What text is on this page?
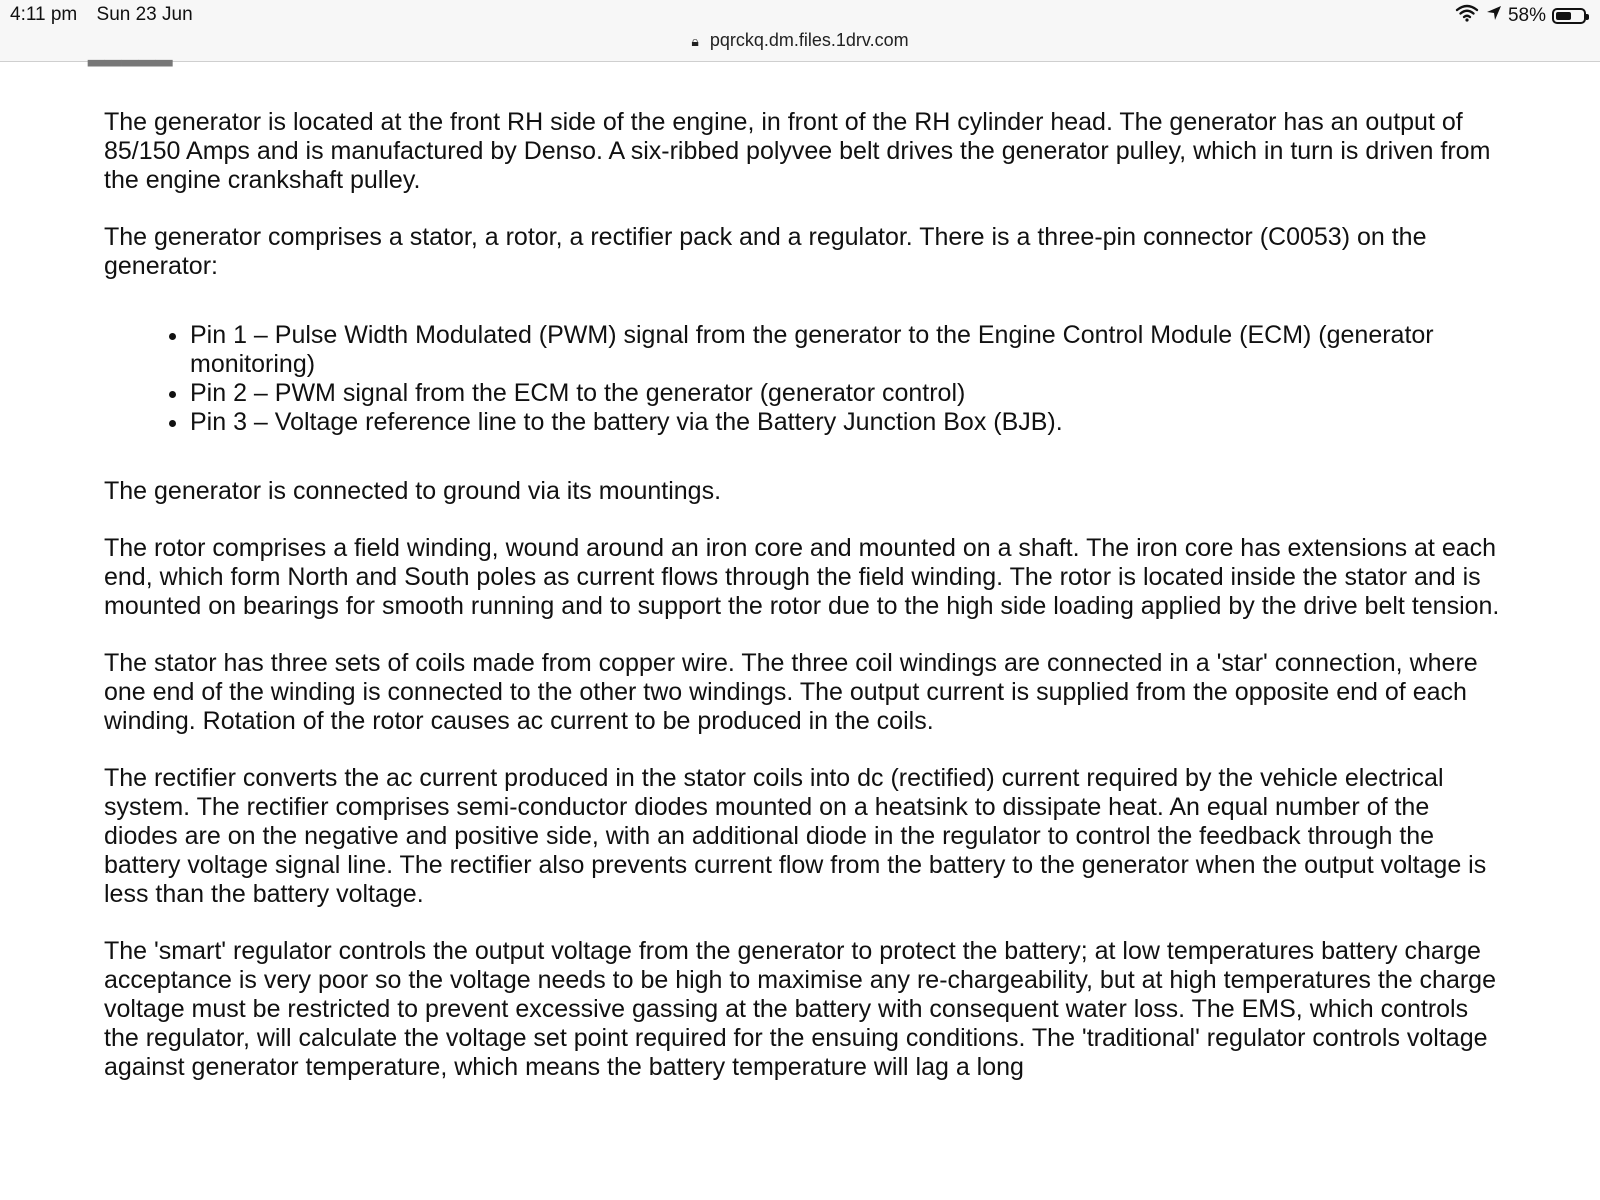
4:11 pm Sun 23 Jun	58%
🔒︎ pqrckq.dm.files.1drv.com
▂▂▂▂▂

The generator is located at the front RH side of the engine, in front of the RH cylinder head. The generator has an output of 85/150 Amps and is manufactured by Denso. A six-ribbed polyvee belt drives the generator pulley, which in turn is driven from the engine crankshaft pulley.

The generator comprises a stator, a rotor, a rectifier pack and a regulator. There is a three-pin connector (C0053) on the generator:

• Pin 1 – Pulse Width Modulated (PWM) signal from the generator to the Engine Control Module (ECM) (generator monitoring)
• Pin 2 – PWM signal from the ECM to the generator (generator control)
• Pin 3 – Voltage reference line to the battery via the Battery Junction Box (BJB).

The generator is connected to ground via its mountings.

The rotor comprises a field winding, wound around an iron core and mounted on a shaft. The iron core has extensions at each end, which form North and South poles as current flows through the field winding. The rotor is located inside the stator and is mounted on bearings for smooth running and to support the rotor due to the high side loading applied by the drive belt tension.

The stator has three sets of coils made from copper wire. The three coil windings are connected in a 'star' connection, where one end of the winding is connected to the other two windings. The output current is supplied from the opposite end of each winding. Rotation of the rotor causes ac current to be produced in the coils.

The rectifier converts the ac current produced in the stator coils into dc (rectified) current required by the vehicle electrical system. The rectifier comprises semi-conductor diodes mounted on a heatsink to dissipate heat. An equal number of the diodes are on the negative and positive side, with an additional diode in the regulator to control the feedback through the battery voltage signal line. The rectifier also prevents current flow from the battery to the generator when the output voltage is less than the battery voltage.

The 'smart' regulator controls the output voltage from the generator to protect the battery; at low temperatures battery charge acceptance is very poor so the voltage needs to be high to maximise any re-chargeability, but at high temperatures the charge voltage must be restricted to prevent excessive gassing at the battery with consequent water loss. The EMS, which controls the regulator, will calculate the voltage set point required for the ensuing conditions. The 'traditional' regulator controls voltage against generator temperature, which means the battery temperature will lag a long
